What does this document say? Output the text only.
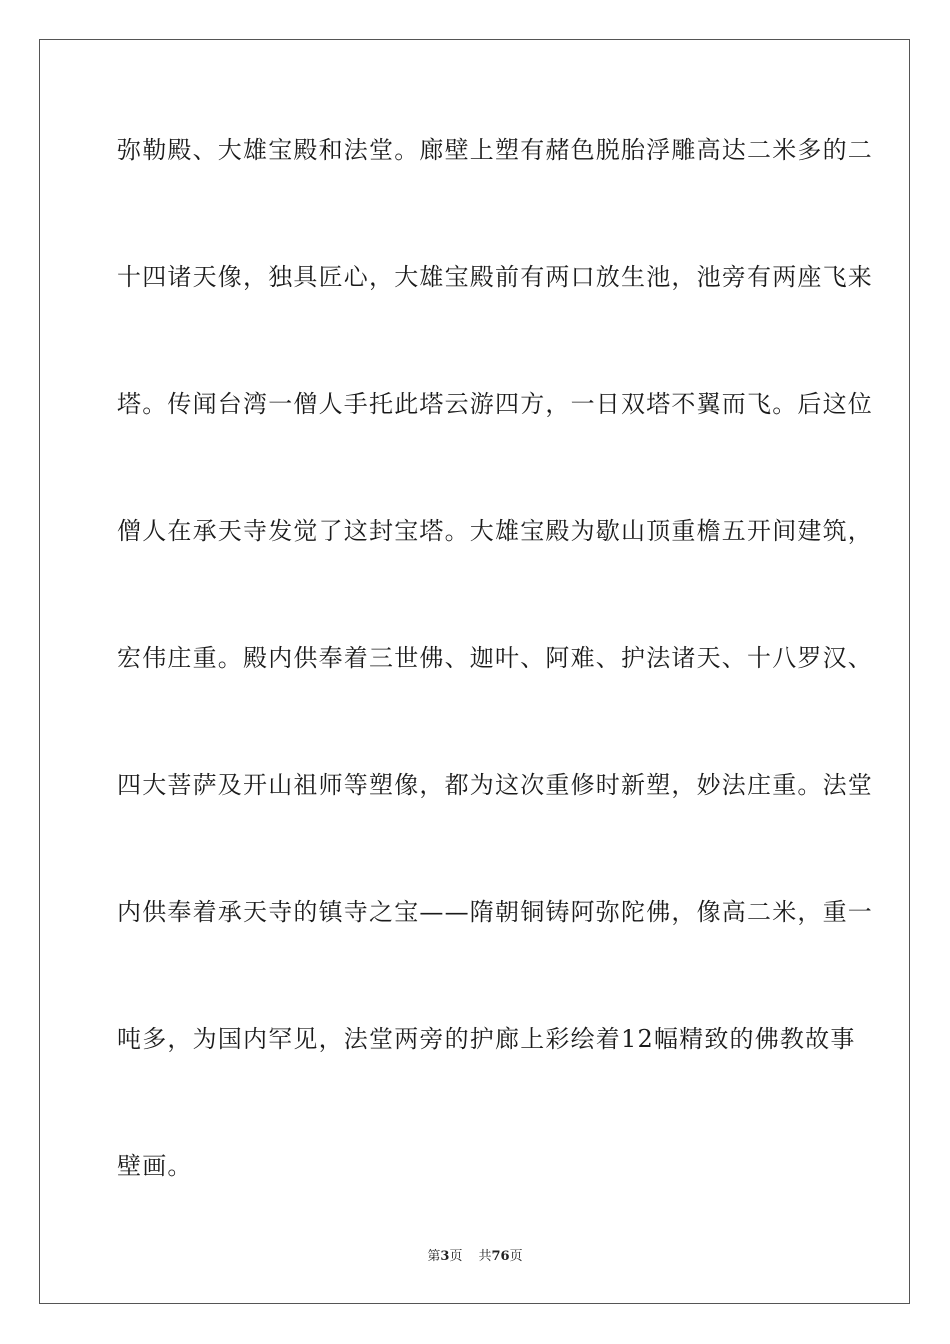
弥勒殿、大雄宝殿和法堂。廊壁上塑有赭色脱胎浮雕高达二米多的二

十四诸天像，独具匠心，大雄宝殿前有两口放生池，池旁有两座飞来

塔。传闻台湾一僧人手托此塔云游四方，一日双塔不翼而飞。后这位

僧人在承天寺发觉了这封宝塔。大雄宝殿为歇山顶重檐五开间建筑，

宏伟庄重。殿内供奉着三世佛、迦叶、阿难、护法诸天、十八罗汉、

四大菩萨及开山祖师等塑像，都为这次重修时新塑，妙法庄重。法堂

内供奉着承天寺的镇寺之宝——隋朝铜铸阿弥陀佛，像高二米，重一

吨多，为国内罕见，法堂两旁的护廊上彩绘着12幅精致的佛教故事

壁画。

第3页 共76页
